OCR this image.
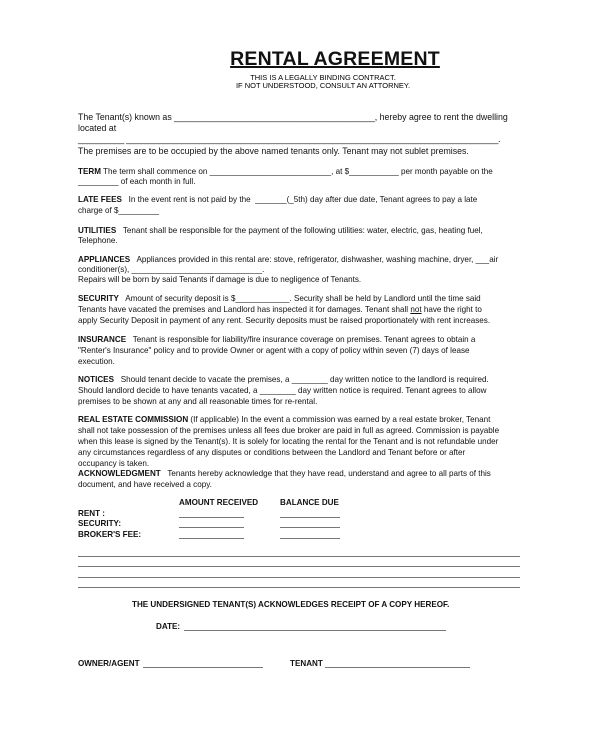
RENTAL AGREEMENT
THIS IS A LEGALLY BINDING CONTRACT.
IF NOT UNDERSTOOD, CONSULT AN ATTORNEY.
The Tenant(s) known as _________________________________________, hereby agree to rent the dwelling
located at
__________ _________________________________________________________________________________.
The premises are to be occupied by the above named tenants only. Tenant may not sublet premises.
TERM The term shall commence on ___________________________, at $___________ per month payable on the
_________ of each month in full.
LATE FEES   In the event rent is not paid by the  _______(_5th) day after due date, Tenant agrees to pay a late
charge of $_________
UTILITIES   Tenant shall be responsible for the payment of the following utilities: water, electric, gas, heating fuel,
Telephone.
APPLIANCES   Appliances provided in this rental are: stove, refrigerator, dishwasher, washing machine, dryer, ___air
conditioner(s), _____________________________.
Repairs will be born by said Tenants if damage is due to negligence of Tenants.
SECURITY   Amount of security deposit is $____________. Security shall be held by Landlord until the time said
Tenants have vacated the premises and Landlord has inspected it for damages. Tenant shall not have the right to
apply Security Deposit in payment of any rent. Security deposits must be raised proportionately with rent increases.
INSURANCE   Tenant is responsible for liability/fire insurance coverage on premises. Tenant agrees to obtain a
"Renter's Insurance" policy and to provide Owner or agent with a copy of policy within seven (7) days of lease
execution.
NOTICES   Should tenant decide to vacate the premises, a ________ day written notice to the landlord is required.
Should landlord decide to have tenants vacated, a ________ day written notice is required. Tenant agrees to allow
premises to be shown at any and all reasonable times for re-rental.
REAL ESTATE COMMISSION (If applicable) In the event a commission was earned by a real estate broker, Tenant
shall not take possession of the premises unless all fees due broker are paid in full as agreed. Commission is payable
when this lease is signed by the Tenant(s). It is solely for locating the rental for the Tenant and is not refundable under
any circumstances regardless of any disputes or conditions between the Landlord and Tenant before or after
occupancy is taken.
ACKNOWLEDGMENT   Tenants hereby acknowledge that they have read, understand and agree to all parts of this
document, and have received a copy.
AMOUNT RECEIVED	BALANCE DUE
RENT :
SECURITY:
BROKER'S FEE:
THE UNDERSIGNED TENANT(S) ACKNOWLEDGES RECEIPT OF A COPY HEREOF.
DATE:
OWNER/AGENT	TENANT
